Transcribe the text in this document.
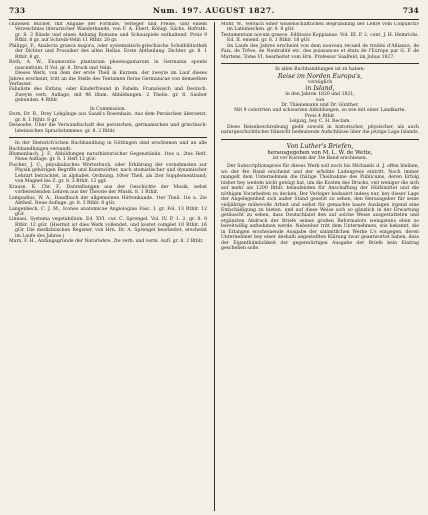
733	Num. 197. AUGUST 1827.	734

chinesen Bücher, mit Angabe der Formate, Verleger und Preise, und einem Verzeichniss literarischer Wanderkunde, von F. A. Ebert, Königl. Sächs. Hofrath. gr. 8. 3 Bände und einen Anhang Romane und Schauspiele enthaltend. Preis 9 Rthlr. 8 gr. auf Schreib-Velin 11 Rthlr. 20 gr.

Philippi, F., Analecta graeca majora, oder systematisch-griechische Schulbibliothek der Dichter und Prosaiker des alten Hellas. Erste Abtheilung. Dichter. gr. 8. 1 Rthlr. 8 gr.

Roth, A. W., Enumeratio plantarum phoenogamarum in Germania sponte nascentium. II Vol. gr. 8. Druck und Velin.

Dieses Werk, von dem der erste Theil in Kurzem, der zweyte im Lauf dieses Jahres erscheint, tritt an die Stelle des Tentamen florae Germanicae von demselben Verfasser.

Fabuliste des Enfans, oder Kinderfreund in Fabeln. Französisch und Deutsch. Zweyte verb. Auflage, mit 96 illum. Abbildungen. 2 Theile. gr. 8. Sauber gebunden. 4 Rthlr.

In Commission.

Dorn, Dr. B., Drey Lobgänge aus Saadi's Rosenhain. Aus dem Persischen übersetzt. gr. 8. 1 Rthlr. 8 gr.

Dessoebe, Über die Verwandtschaft des persischen, germanischen und griechisch-lateinischen Sprachstammes. gr. 8. 2 Rthlr.

In der Dieterich'schen Buchhandlung in Göttingen sind erschienen und an alle Buchhandlungen versandt:

Blumenbach, J. F., Abbildungen naturhistorischer Gegenstände. 1tes u. 2tes Heft. Neue Auflage. gr. 8. 1 Heft 12 gGr.

Fischer, J. C., physikalisches Wörterbuch, oder Erklärung der vornehmsten zur Physik gehörigen Begriffe und Kunstwörter, nach stomistischer und dynamischer Lehrart betrachtet, in alphabet. Ordnung. 10ter Theil, als 2ter Supplementband; von Magnet bis Z. gr. 8. 3 Rthlr. 12 ggr.

Krause, K. Chr. F., Darstellungen aus der Geschichte der Musik, nebst vorbereitenden Lehren aus der Theorie der Musik. 8. 1 Rthlr.

Lampadius, W. A., Handbuch der allgemeinen Hüttenkunde. 1ter Theil. 1te u. 2te Abtheil. Neue Auflage. gr. 8. 3 Rthlr. 8 gGr.

Langenbeck, C. J. M., Icones anatomicae Angiologiae Fasc. I. gr. Fol. 13 Rthlr. 12 gGr.

Linnaei, Systema vegetabilium. Ed. XVI. cur. C. Sprengel. Vol. IV. P. 1. 2. gr. 8. 8 Rthlr. 12 gGr. (Hiermit ist dies Werk vollendet, und kostet complet 10 Rthlr. 16 gGr. Die medizinischen Register, von Hrn. Dr. A. Sprengel bearbeitet, erscheint im Laufe des Jahres.)

Marx, F. H., Anfangsgründe der Naturlehre. 2te verb. und verm. Aufl. gr. 8. 2 Rthlr.

Mohr, W., Versuch einer wissenschaftlichen Begründung der Lehre vom Conjunctiv im Lateinischen. gr. 8. 8 gGr.

Testamentum novum graece. Editionis Koppianae. Vol. III. P. 2. cont. J. H. Heinrichs. Ed. II. emend. gr. 8. 1 Rthlr. 18 gGr.

Im Laufe des Jahres erscheint von dem nouveau recueil de traités d'Alliance, de Paix, de Trêve, de Neutralité etc. des puissances et états de l'Europe par G. F. de Martens, Tome VI, bearbeitet vom Hrn. Professor Saalfeld, im Julius 1827.

In allen Buchhandlungen ist zu haben:

Reise im Norden Europa's,

vorzüglich

in Island,

in den Jahren 1820 und 1821,

von

Dr. Thienemann und Dr. Günther.

Mit 9 colorirten und schwarzen Abbildungen, so wie mit einer Landkarte.

Preis 4 Rthlr.

Leipzig, bey C. H. Reclam.

Diese Reisebeschreibung giebt sowohl in historischer, physischer, als auch naturgeschichtlicher Hinsicht bedeutende Aufschlüsse über die jetzige Lage Islands.

Von Luther's Briefen,

herausgegeben von M. L. W. de Wette,

ist vor Kurzem der 3te Band erschienen.

Der Subscriptionspreis für dieses Werk soll noch bis Michaelis d. J. offen bleiben, wo der 4te Band erscheint und der erhöhte Ladenpreis eintritt. Noch immer mangelt dem Unternehmen die thätige Theilnahme des Publicums, deren Erfolg bisher bey weitem nicht genügt hat, um die Kosten des Drucks, viel weniger die sich auf mehr als 1200 Rthlr. belaufenden für Anschaffung der Hülfsmittel und die nöthigen Vorarbeiten zu decken. Der Verleger bedauert indess nur, bey dieser Lage der Angelegenheit sich außer Stand gesetzt zu sehen, den Herausgeber für seine vieljährige mühevolle Arbeit und selbst für gemachte baare Auslagen irgend eine Entschädigung zu bieten, und auf diese Weise sich so gänzlich in der Erwartung getäuscht zu sehen, dass Deutschland den auf solche Weise ausgestatteten und ergänzten Abdruck der Briefe seines großen Reformators wenigstens eben so bereitwillig aufnehmen werde. Nebenher tritt dem Unternehmen, wie bekannt, die in Erlangen erscheinende Ausgabe der sämmtlichen Werke L's entgegen, deren Unternehmer bey einer deshalb angestellten Klärung zwar geantwortet haben, dass der Eigenthümlichkeit der gegenwärtigen Ausgabe der Briefe kein Eintrag geschehen solle.
